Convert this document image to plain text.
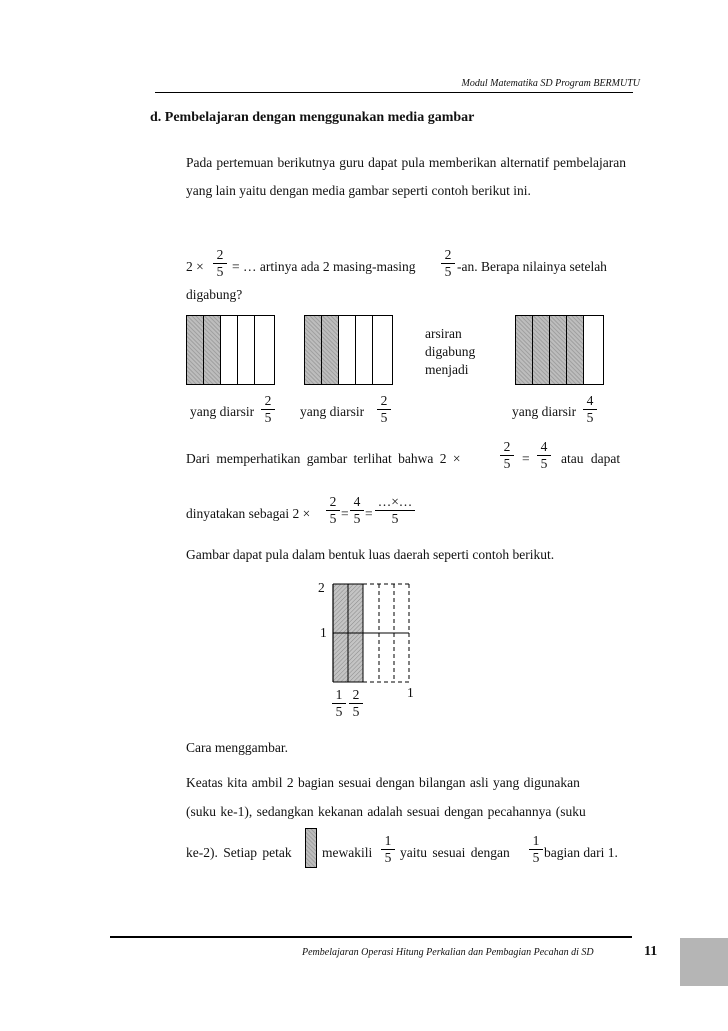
Modul Matematika SD Program BERMUTU
d. Pembelajaran dengan menggunakan media gambar
Pada pertemuan berikutnya guru dapat pula memberikan alternatif pembelajaran yang lain yaitu dengan media gambar seperti contoh berikut ini.
2 ×
2
5 = … artinya ada 2 masing-masing
2
5 -an. Berapa nilainya setelah
digabung?
arsiran
digabung
menjadi
yang diarsir
2
5 yang diarsir
2
5	yang diarsir
4
5
Dari memperhatikan gambar terlihat bahwa 2 ×
2
5 =
4
5 atau dapat
dinyatakan sebagai 2 ×
2
5 =
4
5 =
…×…
5
Gambar dapat pula dalam bentuk luas daerah seperti contoh berikut.
2
1
1
5
2
5
1
Cara menggambar.
Keatas kita ambil 2 bagian sesuai dengan bilangan asli yang digunakan
(suku ke-1), sedangkan kekanan adalah sesuai dengan pecahannya (suku
ke-2). Setiap petak mewakili
1
5 yaitu sesuai dengan
1
5 bagian dari 1.
Pembelajaran Operasi Hitung Perkalian dan Pembagian Pecahan di SD	11
